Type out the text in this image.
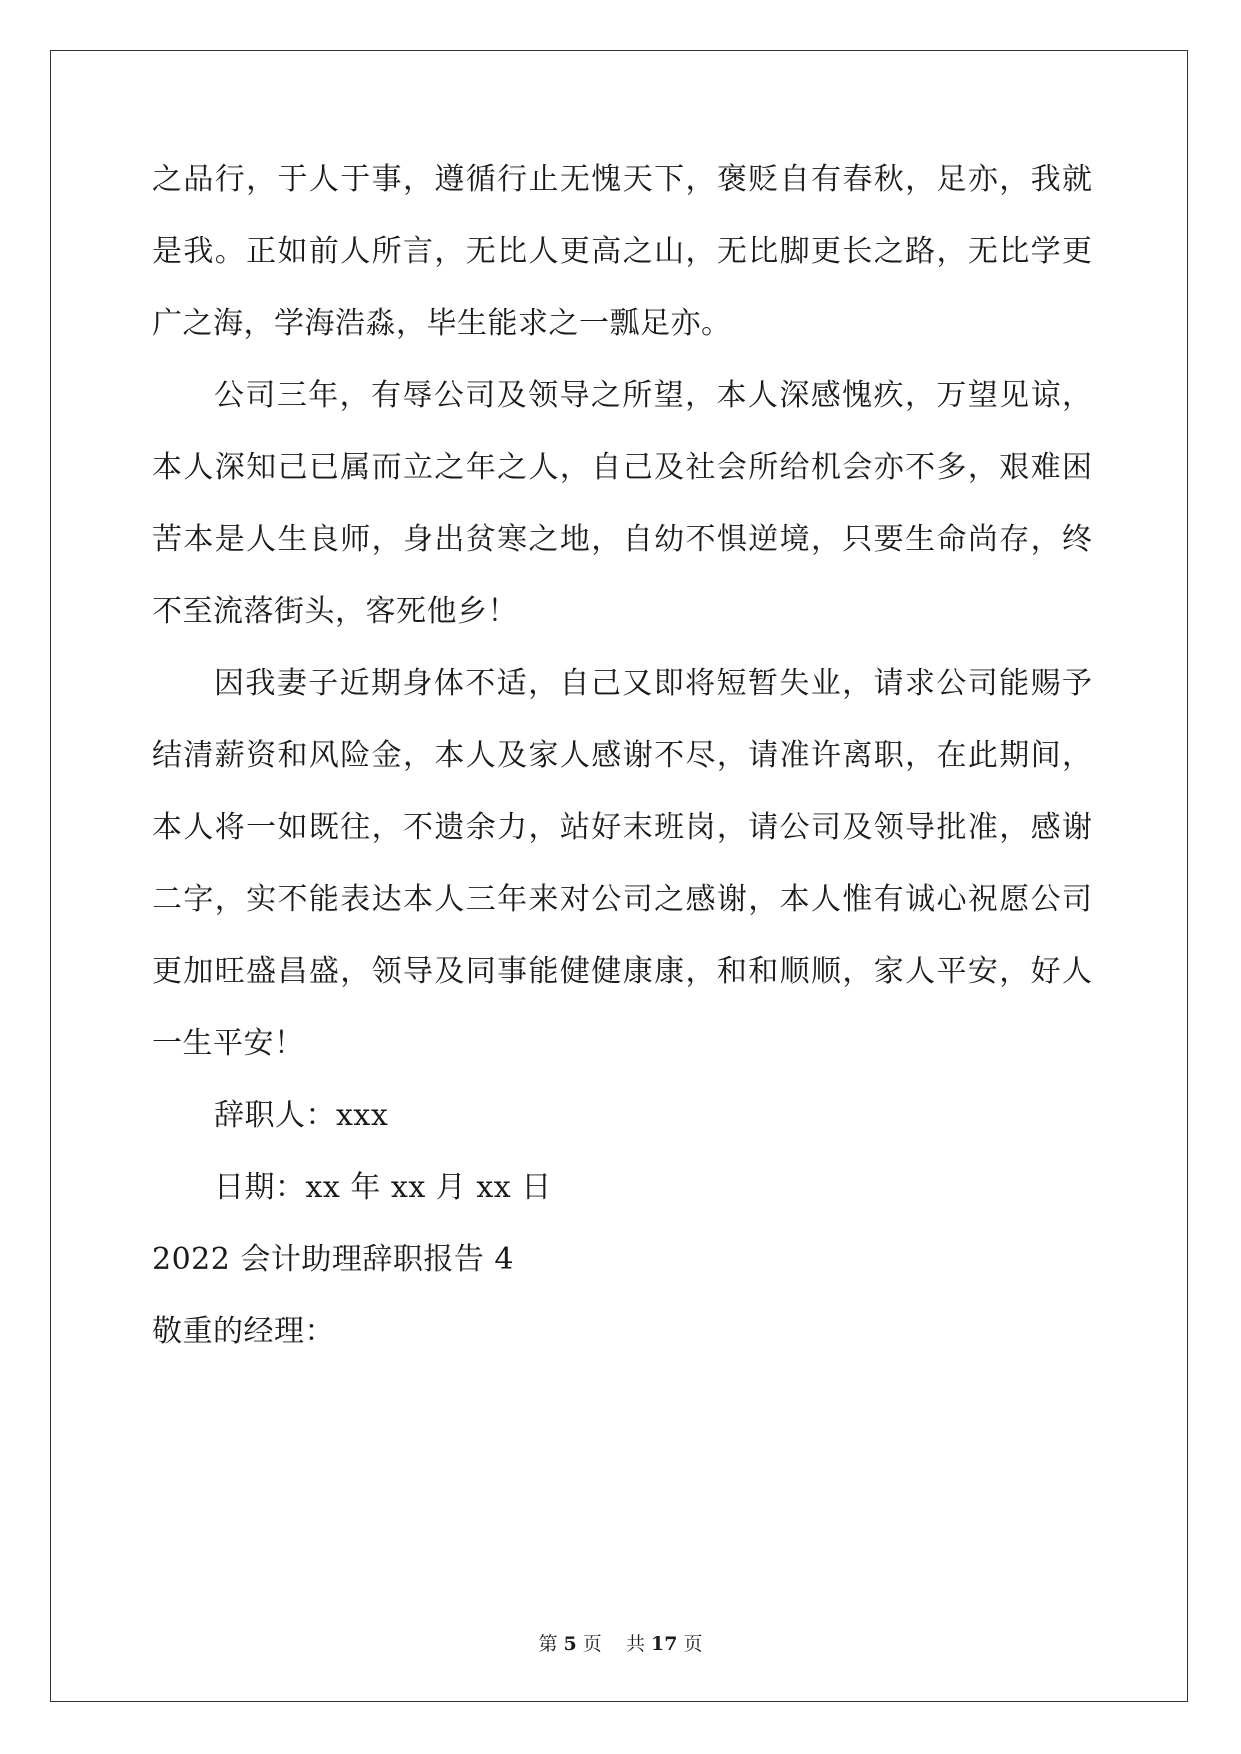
之品行，于人于事，遵循行止无愧天下，褒贬自有春秋，足亦，我就
是我。正如前人所言，无比人更高之山，无比脚更长之路，无比学更
广之海，学海浩淼，毕生能求之一瓢足亦。
公司三年，有辱公司及领导之所望，本人深感愧疚，万望见谅，
本人深知己已属而立之年之人，自己及社会所给机会亦不多，艰难困
苦本是人生良师，身出贫寒之地，自幼不惧逆境，只要生命尚存，终
不至流落街头，客死他乡！
因我妻子近期身体不适，自己又即将短暂失业，请求公司能赐予
结清薪资和风险金，本人及家人感谢不尽，请准许离职，在此期间，
本人将一如既往，不遗余力，站好末班岗，请公司及领导批准，感谢
二字，实不能表达本人三年来对公司之感谢，本人惟有诚心祝愿公司
更加旺盛昌盛，领导及同事能健健康康，和和顺顺，家人平安，好人
一生平安！
辞职人：xxx
日期：xx 年 xx 月 xx 日
2022 会计助理辞职报告 4
敬重的经理：
第 5 页 共 17 页
